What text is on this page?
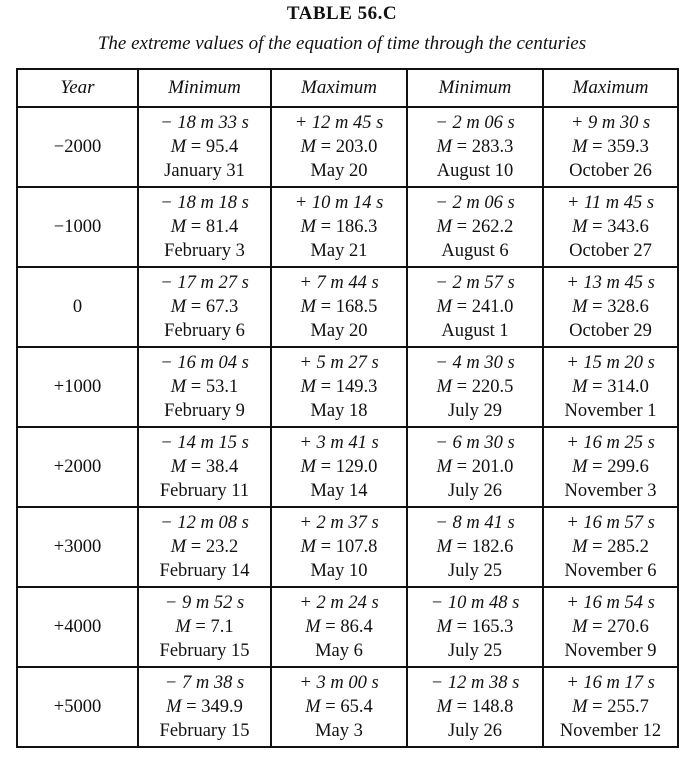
TABLE 56.C
The extreme values of the equation of time through the centuries
Year	Minimum	Maximum	Minimum	Maximum
−2000	− 18 m 33 s
M = 95.4
January 31	+ 12 m 45 s
M = 203.0
May 20	− 2 m 06 s
M = 283.3
August 10	+ 9 m 30 s
M = 359.3
October 26

−1000	− 18 m 18 s
M = 81.4
February 3	+ 10 m 14 s
M = 186.3
May 21	− 2 m 06 s
M = 262.2
August 6	+ 11 m 45 s
M = 343.6
October 27

0	− 17 m 27 s
M = 67.3
February 6	+ 7 m 44 s
M = 168.5
May 20	− 2 m 57 s
M = 241.0
August 1	+ 13 m 45 s
M = 328.6
October 29

+1000	− 16 m 04 s
M = 53.1
February 9	+ 5 m 27 s
M = 149.3
May 18	− 4 m 30 s
M = 220.5
July 29	+ 15 m 20 s
M = 314.0
November 1

+2000	− 14 m 15 s
M = 38.4
February 11	+ 3 m 41 s
M = 129.0
May 14	− 6 m 30 s
M = 201.0
July 26	+ 16 m 25 s
M = 299.6
November 3

+3000	− 12 m 08 s
M = 23.2
February 14	+ 2 m 37 s
M = 107.8
May 10	− 8 m 41 s
M = 182.6
July 25	+ 16 m 57 s
M = 285.2
November 6

+4000	− 9 m 52 s
M = 7.1
February 15	+ 2 m 24 s
M = 86.4
May 6	− 10 m 48 s
M = 165.3
July 25	+ 16 m 54 s
M = 270.6
November 9

+5000	− 7 m 38 s
M = 349.9
February 15	+ 3 m 00 s
M = 65.4
May 3	− 12 m 38 s
M = 148.8
July 26	+ 16 m 17 s
M = 255.7
November 12
